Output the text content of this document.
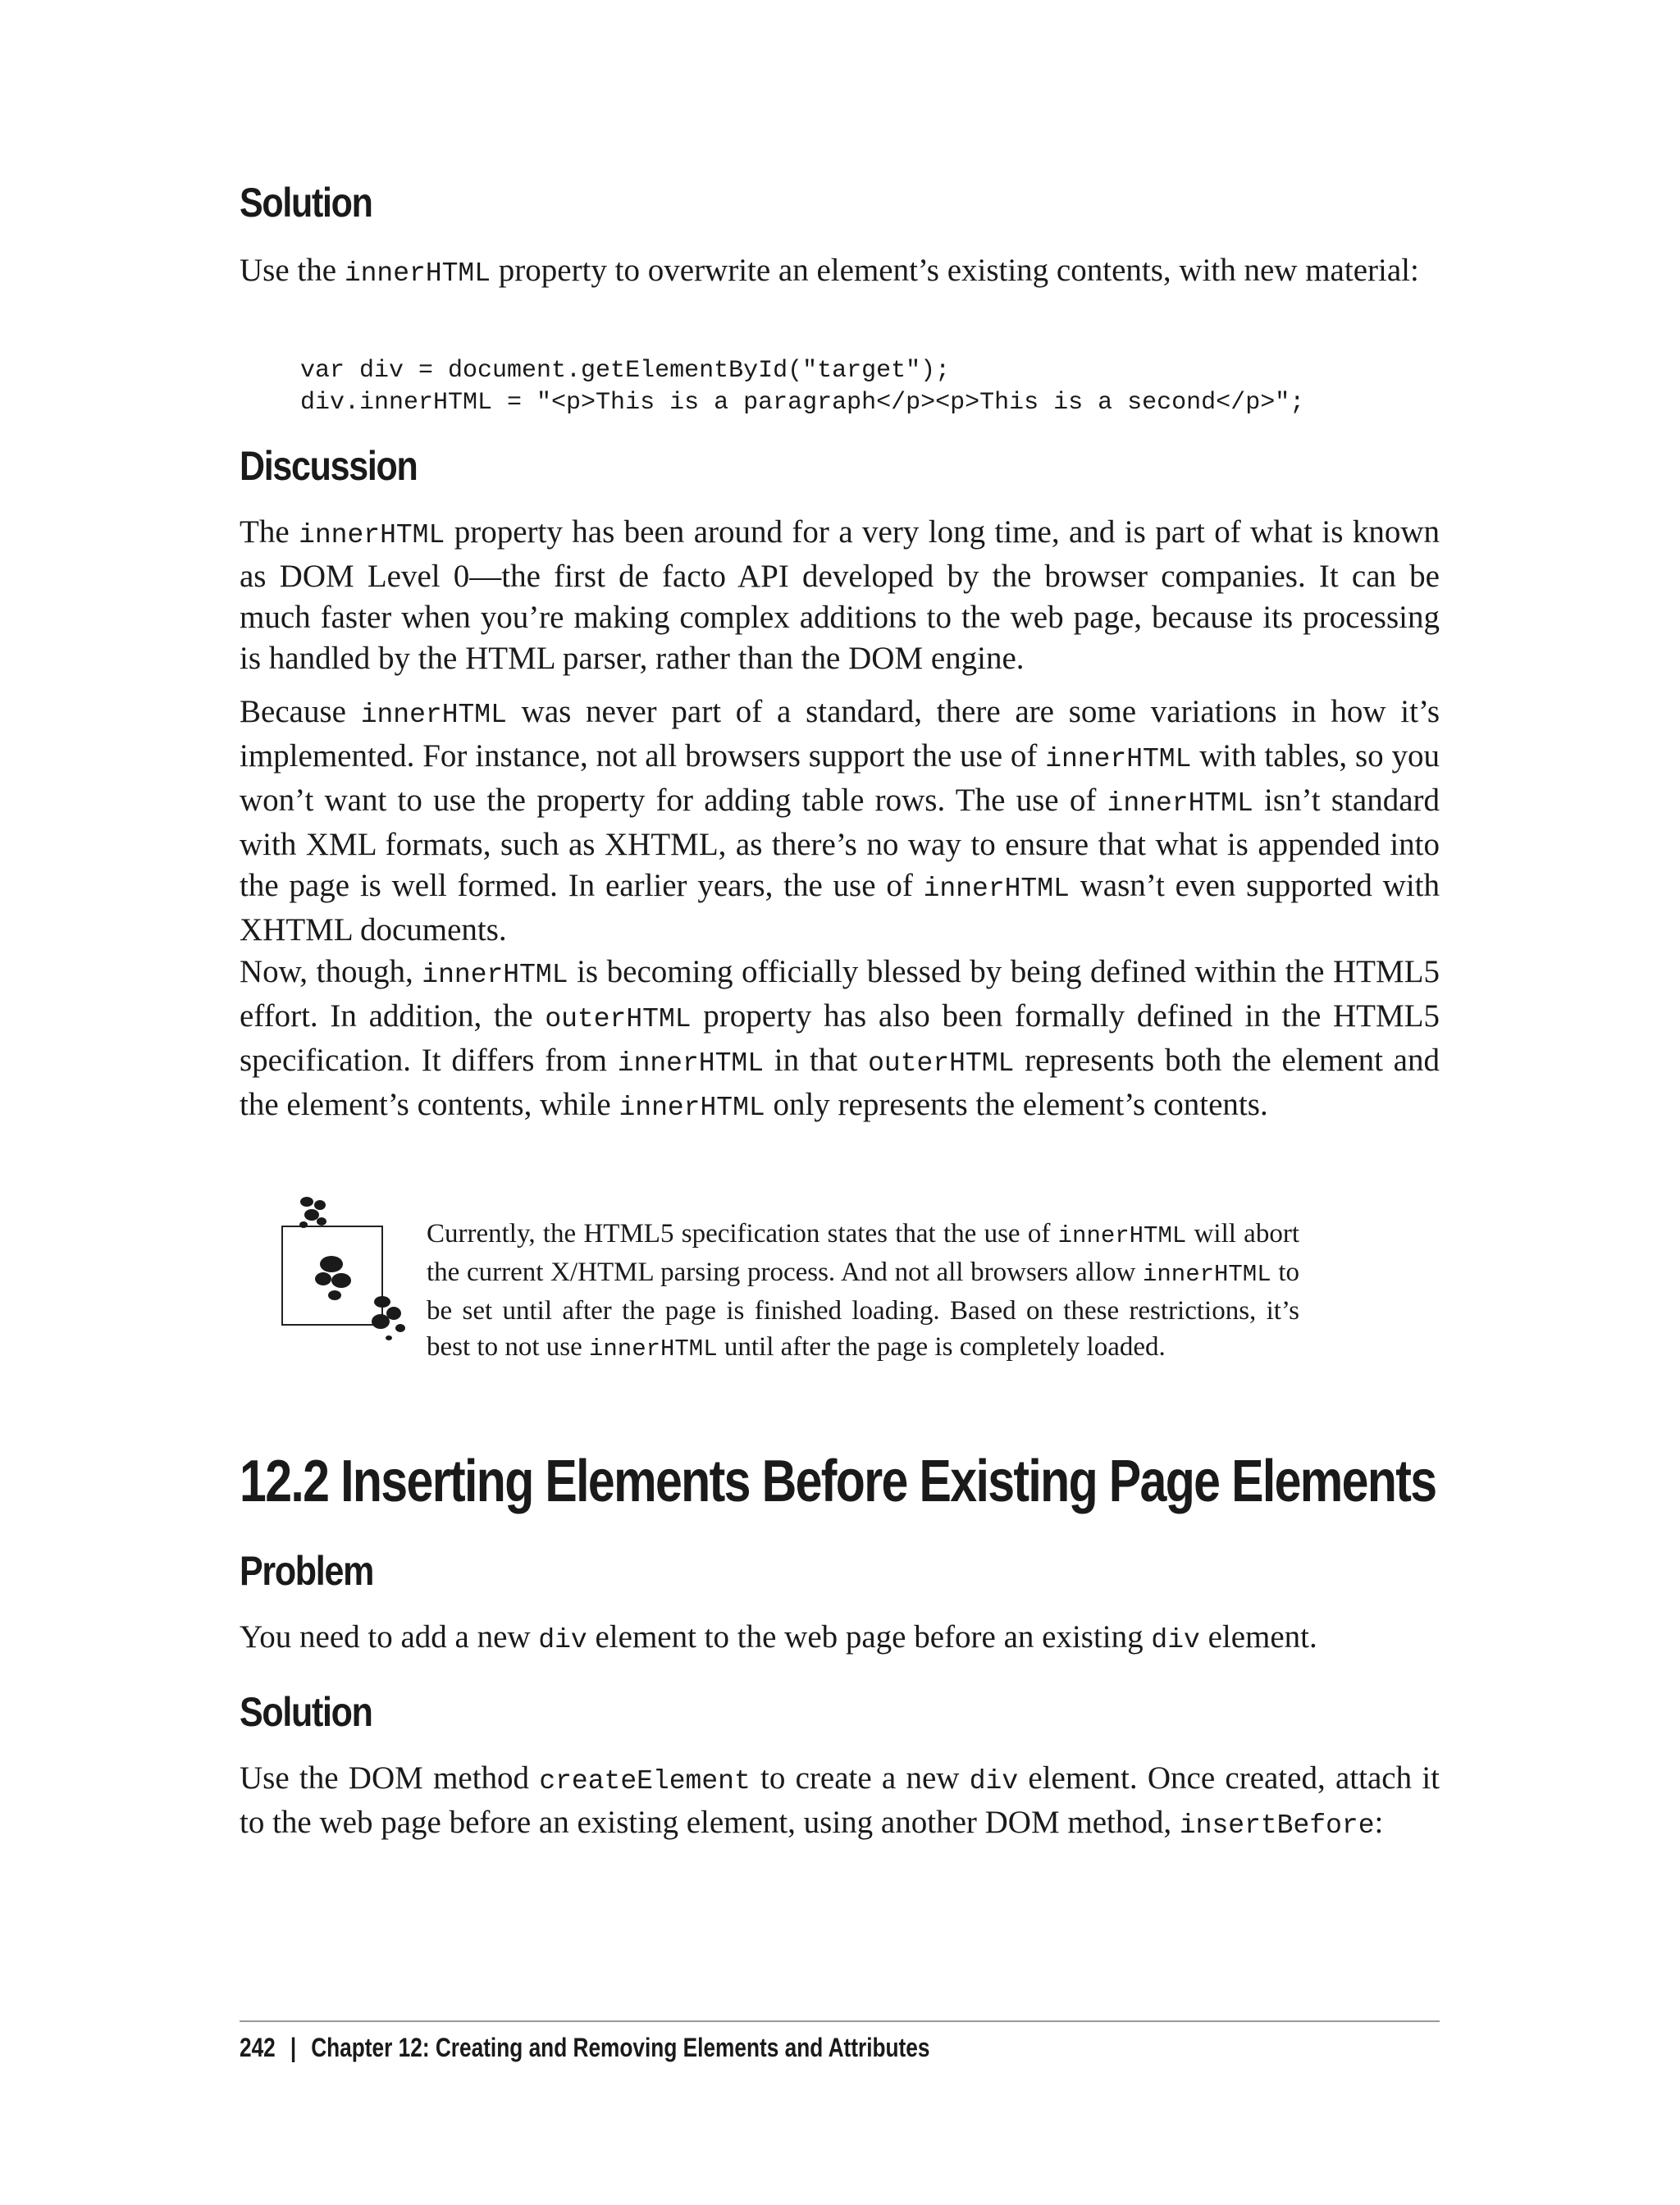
Solution

Use the innerHTML property to overwrite an element’s existing contents, with new material:

var div = document.getElementById("target");
div.innerHTML = "<p>This is a paragraph</p><p>This is a second</p>";
Discussion

The innerHTML property has been around for a very long time, and is part of what is known as DOM Level 0—the first de facto API developed by the browser companies. It can be much faster when you’re making complex additions to the web page, because its processing is handled by the HTML parser, rather than the DOM engine.

Because innerHTML was never part of a standard, there are some variations in how it’s implemented. For instance, not all browsers support the use of innerHTML with tables, so you won’t want to use the property for adding table rows. The use of innerHTML isn’t standard with XML formats, such as XHTML, as there’s no way to ensure that what is appended into the page is well formed. In earlier years, the use of innerHTML wasn’t even supported with XHTML documents.

Now, though, innerHTML is becoming officially blessed by being defined within the HTML5 effort. In addition, the outerHTML property has also been formally defined in the HTML5 specification. It differs from innerHTML in that outerHTML represents both the element and the element’s contents, while innerHTML only represents the element’s contents.

Currently, the HTML5 specification states that the use of innerHTML will abort the current X/HTML parsing process. And not all browsers allow innerHTML to be set until after the page is finished loading. Based on these restrictions, it’s best to not use innerHTML until after the page is completely loaded.

12.2 Inserting Elements Before Existing Page Elements
Problem

You need to add a new div element to the web page before an existing div element.

Solution

Use the DOM method createElement to create a new div element. Once created, attach it to the web page before an existing element, using another DOM method, insertBefore:

242 | Chapter 12: Creating and Removing Elements and Attributes
